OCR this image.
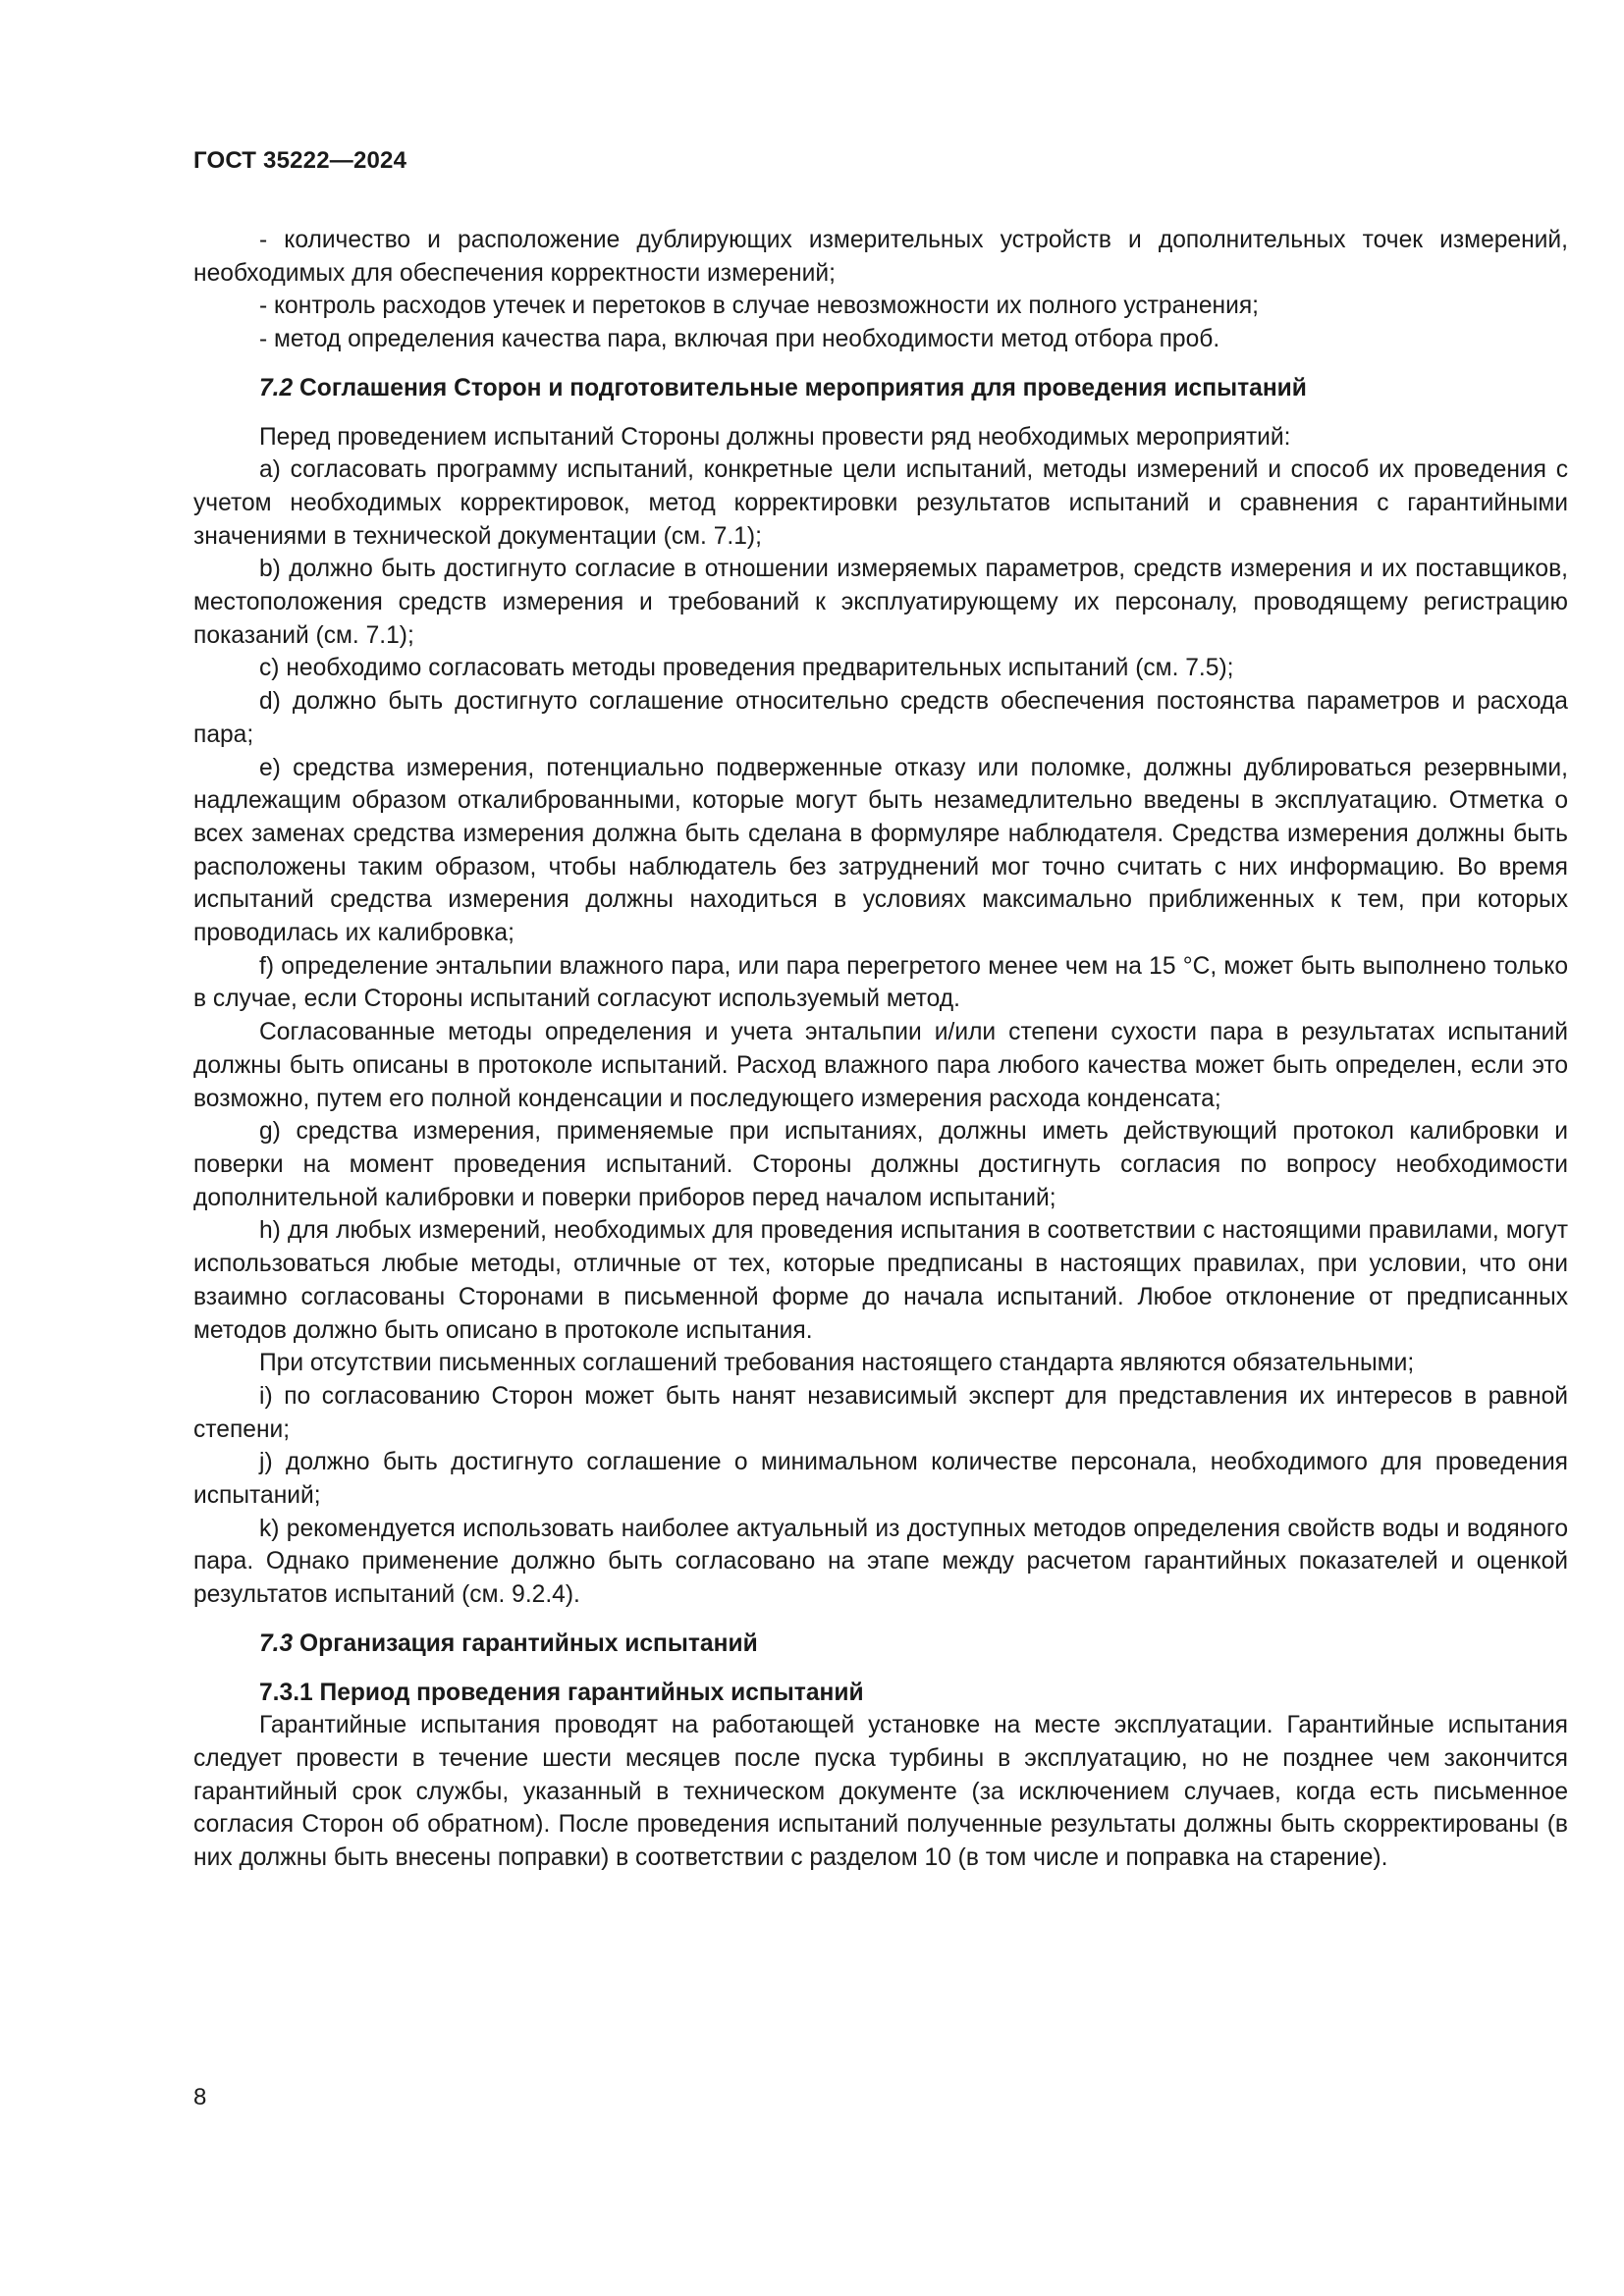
ГОСТ 35222—2024

- количество и расположение дублирующих измерительных устройств и дополнительных точек измерений, необходимых для обеспечения корректности измерений;

- контроль расходов утечек и перетоков в случае невозможности их полного устранения;

- метод определения качества пара, включая при необходимости метод отбора проб.

7.2 Соглашения Сторон и подготовительные мероприятия для проведения испытаний

Перед проведением испытаний Стороны должны провести ряд необходимых мероприятий:

а) согласовать программу испытаний, конкретные цели испытаний, методы измерений и способ их проведения с учетом необходимых корректировок, метод корректировки результатов испытаний и сравнения с гарантийными значениями в технической документации (см. 7.1);

b) должно быть достигнуто согласие в отношении измеряемых параметров, средств измерения и их поставщиков, местоположения средств измерения и требований к эксплуатирующему их персоналу, проводящему регистрацию показаний (см. 7.1);

c) необходимо согласовать методы проведения предварительных испытаний (см. 7.5);

d) должно быть достигнуто соглашение относительно средств обеспечения постоянства параметров и расхода пара;

e) средства измерения, потенциально подверженные отказу или поломке, должны дублироваться резервными, надлежащим образом откалиброванными, которые могут быть незамедлительно введены в эксплуатацию. Отметка о всех заменах средства измерения должна быть сделана в формуляре наблюдателя. Средства измерения должны быть расположены таким образом, чтобы наблюдатель без затруднений мог точно считать с них информацию. Во время испытаний средства измерения должны находиться в условиях максимально приближенных к тем, при которых проводилась их калибровка;

f) определение энтальпии влажного пара, или пара перегретого менее чем на 15 °C, может быть выполнено только в случае, если Стороны испытаний согласуют используемый метод.

Согласованные методы определения и учета энтальпии и/или степени сухости пара в результатах испытаний должны быть описаны в протоколе испытаний. Расход влажного пара любого качества может быть определен, если это возможно, путем его полной конденсации и последующего измерения расхода конденсата;

g) средства измерения, применяемые при испытаниях, должны иметь действующий протокол калибровки и поверки на момент проведения испытаний. Стороны должны достигнуть согласия по вопросу необходимости дополнительной калибровки и поверки приборов перед началом испытаний;

h) для любых измерений, необходимых для проведения испытания в соответствии с настоящими правилами, могут использоваться любые методы, отличные от тех, которые предписаны в настоящих правилах, при условии, что они взаимно согласованы Сторонами в письменной форме до начала испытаний. Любое отклонение от предписанных методов должно быть описано в протоколе испытания.

При отсутствии письменных соглашений требования настоящего стандарта являются обязательными;

i) по согласованию Сторон может быть нанят независимый эксперт для представления их интересов в равной степени;

j) должно быть достигнуто соглашение о минимальном количестве персонала, необходимого для проведения испытаний;

k) рекомендуется использовать наиболее актуальный из доступных методов определения свойств воды и водяного пара. Однако применение должно быть согласовано на этапе между расчетом гарантийных показателей и оценкой результатов испытаний (см. 9.2.4).

7.3 Организация гарантийных испытаний
7.3.1 Период проведения гарантийных испытаний

Гарантийные испытания проводят на работающей установке на месте эксплуатации. Гарантийные испытания следует провести в течение шести месяцев после пуска турбины в эксплуатацию, но не позднее чем закончится гарантийный срок службы, указанный в техническом документе (за исключением случаев, когда есть письменное согласия Сторон об обратном). После проведения испытаний полученные результаты должны быть скорректированы (в них должны быть внесены поправки) в соответствии с разделом 10 (в том числе и поправка на старение).

8
